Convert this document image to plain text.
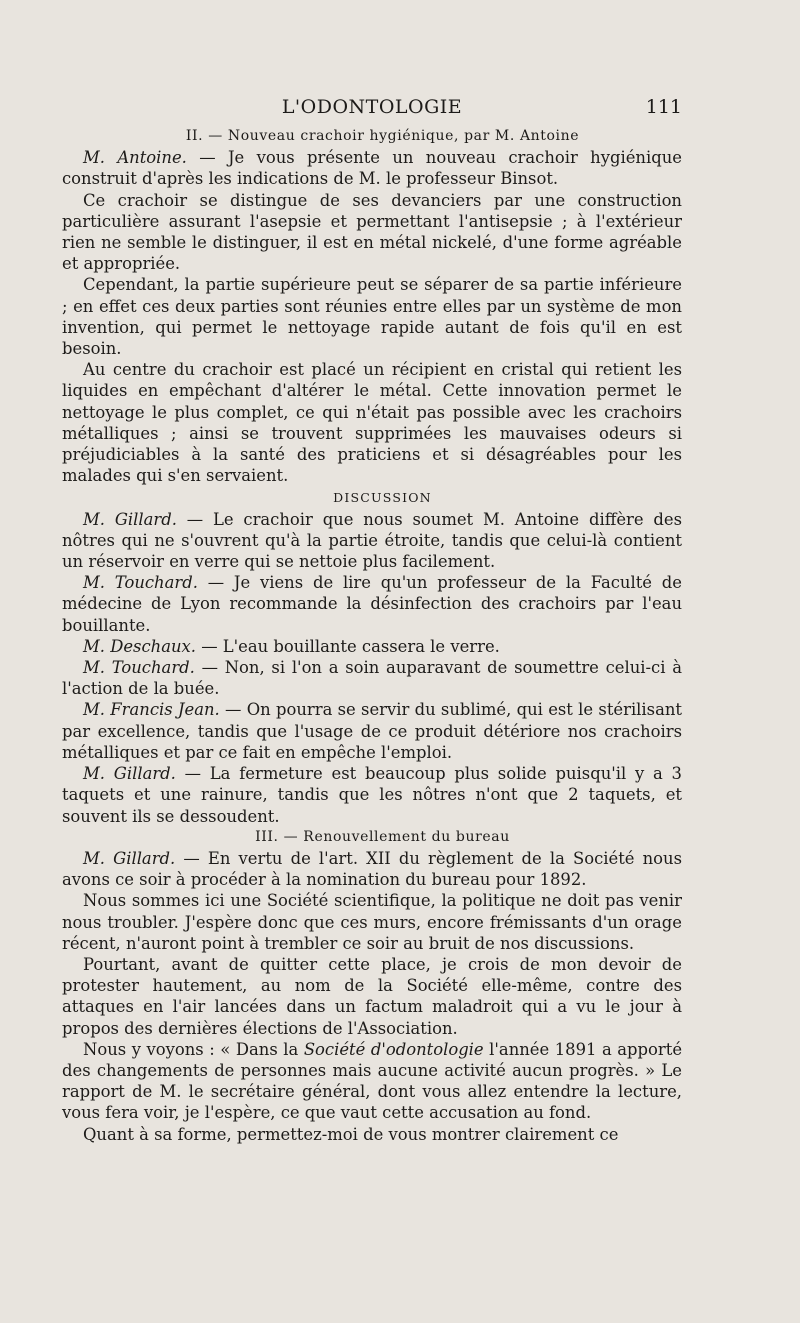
L'ODONTOLOGIE	111

II. — Nouveau crachoir hygiénique, par M. Antoine

M. Antoine. — Je vous présente un nouveau crachoir hygiénique construit d'après les indications de M. le professeur Binsot.

Ce crachoir se distingue de ses devanciers par une construction particulière assurant l'asepsie et permettant l'antisepsie ; à l'extérieur rien ne semble le distinguer, il est en métal nickelé, d'une forme agréable et appropriée.

Cependant, la partie supérieure peut se séparer de sa partie inférieure ; en effet ces deux parties sont réunies entre elles par un système de mon invention, qui permet le nettoyage rapide autant de fois qu'il en est besoin.

Au centre du crachoir est placé un récipient en cristal qui retient les liquides en empêchant d'altérer le métal. Cette innovation permet le nettoyage le plus complet, ce qui n'était pas possible avec les crachoirs métalliques ; ainsi se trouvent supprimées les mauvaises odeurs si préjudiciables à la santé des praticiens et si désagréables pour les malades qui s'en servaient.

DISCUSSION

M. Gillard. — Le crachoir que nous soumet M. Antoine diffère des nôtres qui ne s'ouvrent qu'à la partie étroite, tandis que celui-là contient un réservoir en verre qui se nettoie plus facilement.

M. Touchard. — Je viens de lire qu'un professeur de la Faculté de médecine de Lyon recommande la désinfection des crachoirs par l'eau bouillante.

M. Deschaux. — L'eau bouillante cassera le verre.

M. Touchard. — Non, si l'on a soin auparavant de soumettre celui-ci à l'action de la buée.

M. Francis Jean. — On pourra se servir du sublimé, qui est le stérilisant par excellence, tandis que l'usage de ce produit détériore nos crachoirs métalliques et par ce fait en empêche l'emploi.

M. Gillard. — La fermeture est beaucoup plus solide puisqu'il y a 3 taquets et une rainure, tandis que les nôtres n'ont que 2 taquets, et souvent ils se dessoudent.

III. — Renouvellement du bureau

M. Gillard. — En vertu de l'art. XII du règlement de la Société nous avons ce soir à procéder à la nomination du bureau pour 1892.

Nous sommes ici une Société scientifique, la politique ne doit pas venir nous troubler. J'espère donc que ces murs, encore frémissants d'un orage récent, n'auront point à trembler ce soir au bruit de nos discussions.

Pourtant, avant de quitter cette place, je crois de mon devoir de protester hautement, au nom de la Société elle-même, contre des attaques en l'air lancées dans un factum maladroit qui a vu le jour à propos des dernières élections de l'Association.

Nous y voyons : « Dans la Société d'odontologie l'année 1891 a apporté des changements de personnes mais aucune activité aucun progrès. » Le rapport de M. le secrétaire général, dont vous allez entendre la lecture, vous fera voir, je l'espère, ce que vaut cette accusation au fond.

Quant à sa forme, permettez-moi de vous montrer clairement ce
